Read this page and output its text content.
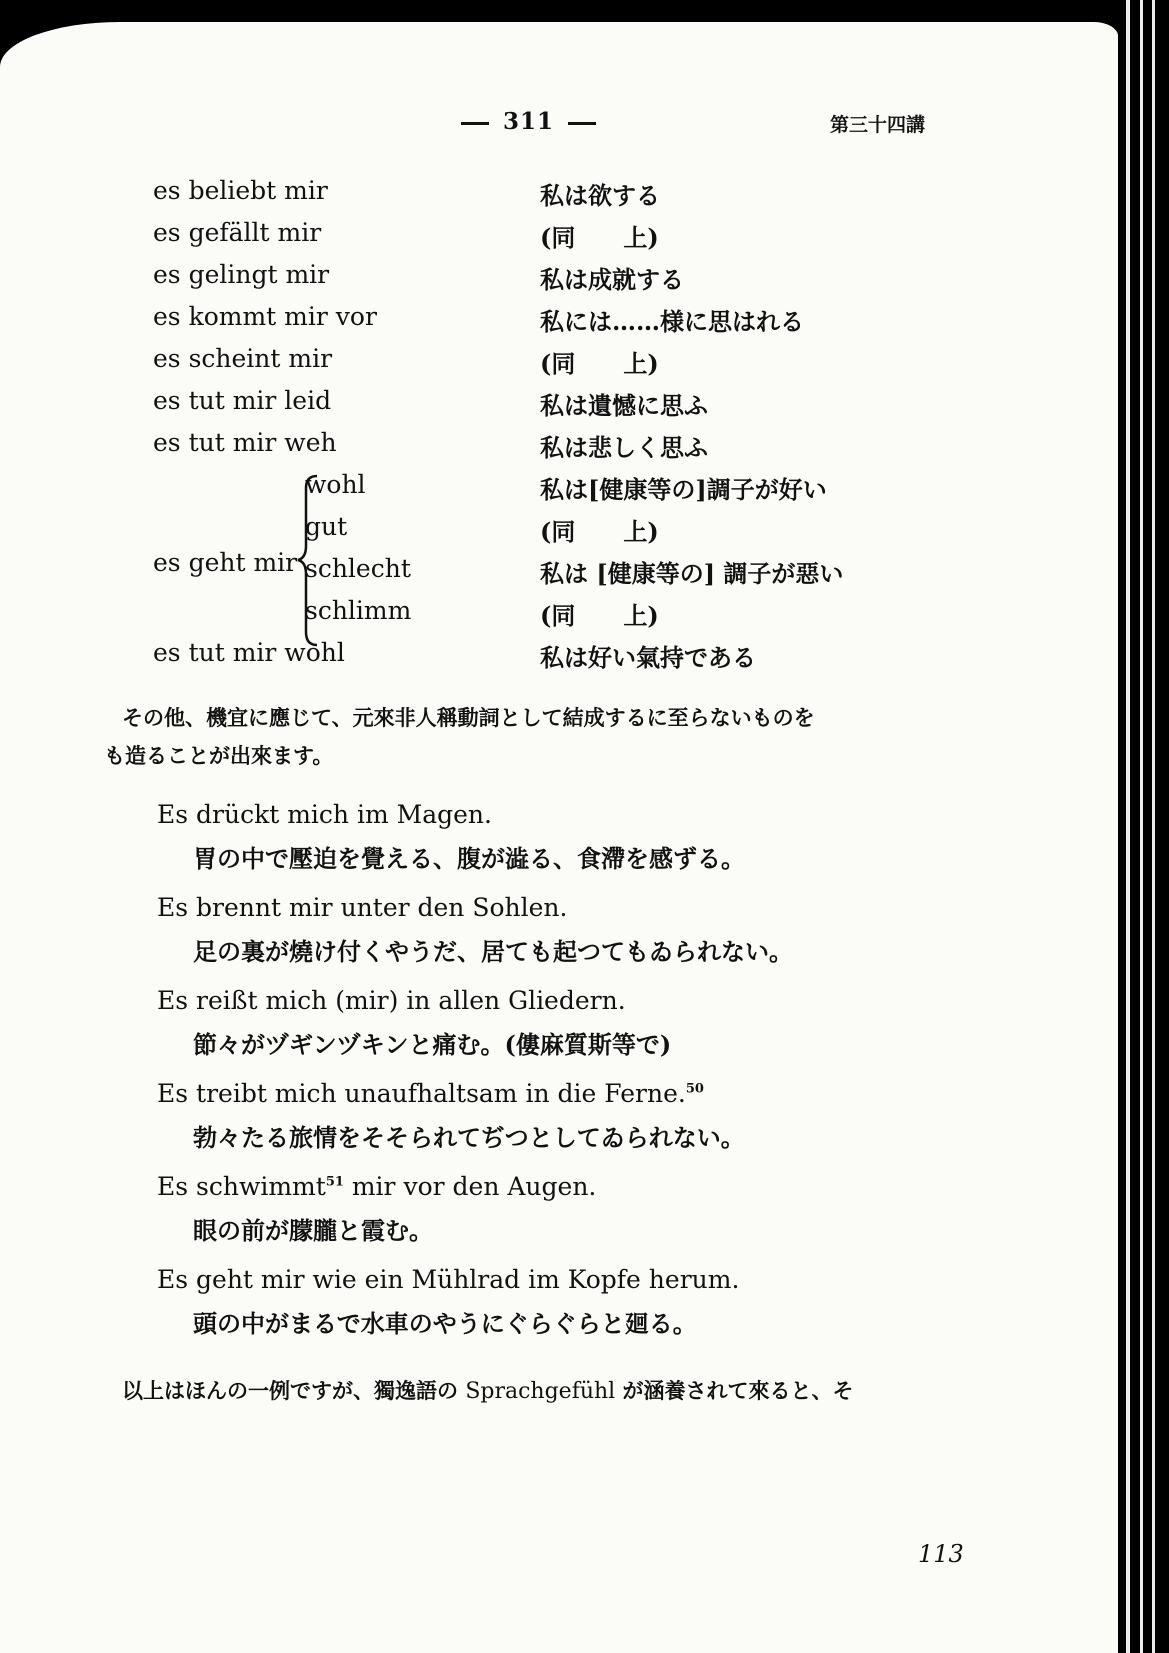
311	第三十四講
es beliebt mir	私は欲する
es gefällt mir	(同　　上)
es gelingt mir	私は成就する
es kommt mir vor	私には……様に思はれる
es scheint mir	(同　　上)
es tut mir leid	私は遺憾に思ふ
es tut mir weh	私は悲しく思ふ
es geht mir
wohl	私は[健康等の]調子が好い
gut	(同　　上)
schlecht	私は [健康等の] 調子が惡い
schlimm	(同　　上)
es tut mir wohl	私は好い氣持である
その他、機宜に應じて、元來非人稱動詞として結成するに至らないものを
も造ることが出來ます。
Es drückt mich im Magen.
胃の中で壓迫を覺える、腹が澁る、食滯を感ずる。
Es brennt mir unter den Sohlen.
足の裏が燒け付くやうだ、居ても起つてもゐられない。
Es reißt mich (mir) in allen Gliedern.
節々がヅギンヅキンと痛む。(僂麻質斯等で)
Es treibt mich unaufhaltsam in die Ferne.$^{50}$
勃々たる旅情をそそられてぢつとしてゐられない。
Es schwimmt$^{51}$ mir vor den Augen.
眼の前が朦朧と霞む。
Es geht mir wie ein Mühlrad im Kopfe herum.
頭の中がまるで水車のやうにぐらぐらと廻る。
以上はほんの一例ですが、獨逸語の Sprachgefühl が涵養されて來ると、そ
113
